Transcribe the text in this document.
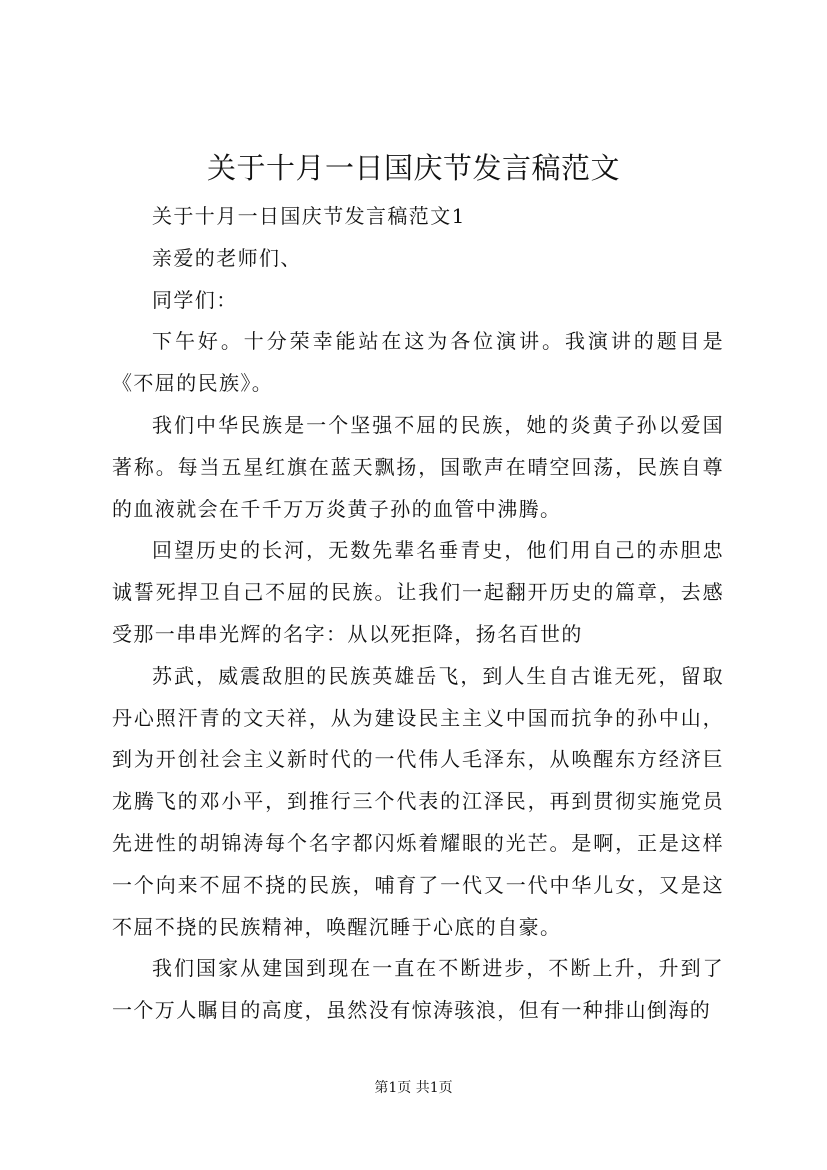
关于十月一日国庆节发言稿范文

关于十月一日国庆节发言稿范文1

亲爱的老师们、

同学们：

下午好。十分荣幸能站在这为各位演讲。我演讲的题目是《不屈的民族》。

我们中华民族是一个坚强不屈的民族，她的炎黄子孙以爱国著称。每当五星红旗在蓝天飘扬，国歌声在晴空回荡，民族自尊的血液就会在千千万万炎黄子孙的血管中沸腾。

回望历史的长河，无数先辈名垂青史，他们用自己的赤胆忠诚誓死捍卫自己不屈的民族。让我们一起翻开历史的篇章，去感受那一串串光辉的名字：从以死拒降，扬名百世的

苏武，威震敌胆的民族英雄岳飞，到人生自古谁无死，留取丹心照汗青的文天祥，从为建设民主主义中国而抗争的孙中山，到为开创社会主义新时代的一代伟人毛泽东，从唤醒东方经济巨龙腾飞的邓小平，到推行三个代表的江泽民，再到贯彻实施党员先进性的胡锦涛每个名字都闪烁着耀眼的光芒。是啊，正是这样一个向来不屈不挠的民族，哺育了一代又一代中华儿女，又是这不屈不挠的民族精神，唤醒沉睡于心底的自豪。

我们国家从建国到现在一直在不断进步，不断上升，升到了一个万人瞩目的高度，虽然没有惊涛骇浪，但有一种排山倒海的

第1页 共1页
